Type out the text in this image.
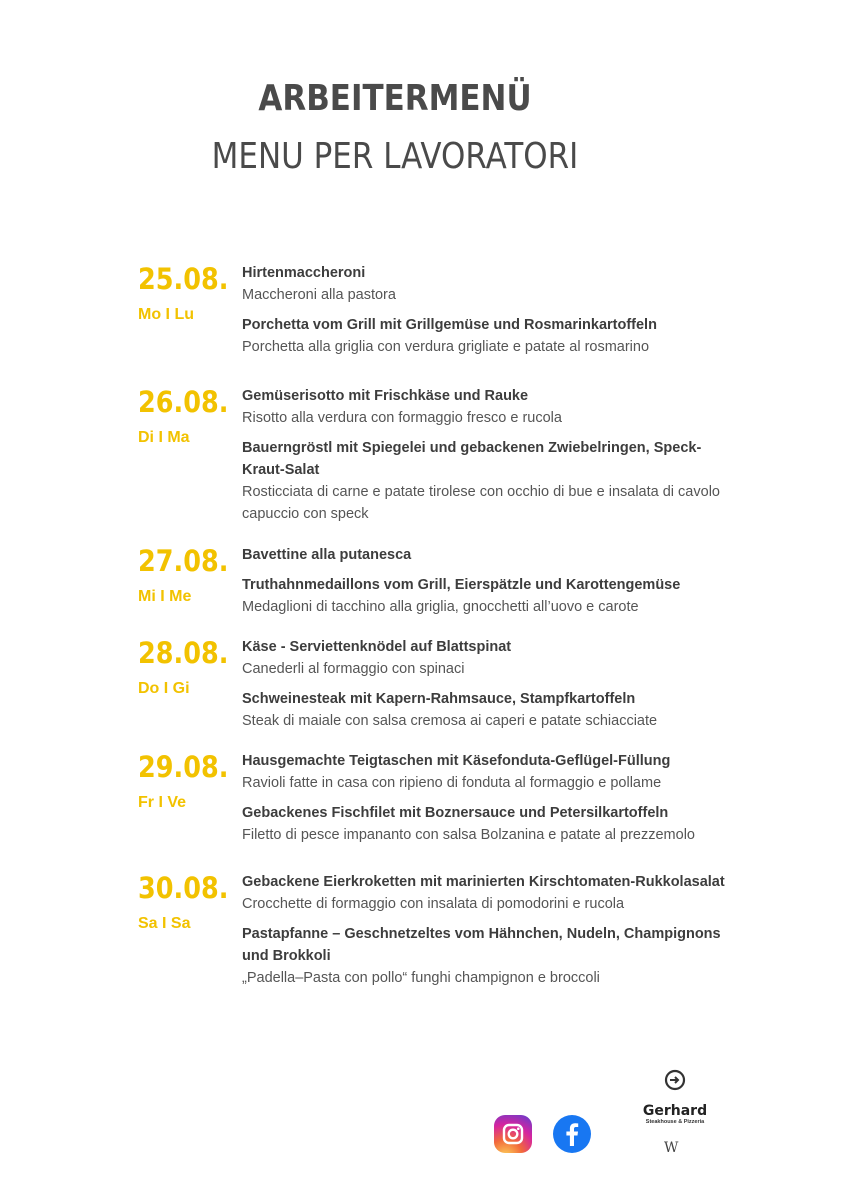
ARBEITERMENÜ
MENU PER LAVORATORI
25.08.
Mo I Lu
Hirtenmaccheroni
Maccheroni alla pastora
Porchetta vom Grill mit Grillgemüse und Rosmarinkartoffeln
Porchetta alla griglia con verdura grigliate e patate al rosmarino
26.08.
Di I Ma
Gemüserisotto mit Frischkäse und Rauke
Risotto alla verdura con formaggio fresco e rucola
Bauerngröstl mit Spiegelei und gebackenen Zwiebelringen, Speck-Kraut-Salat
Rosticciata di carne e patate tirolese con occhio di bue e insalata di cavolo capuccio con speck
27.08.
Mi I Me
Bavettine alla putanesca
Truthahnmedaillons vom Grill, Eierspätzle und Karottengemüse
Medaglioni di tacchino alla griglia, gnocchetti all’uovo e carote
28.08.
Do I Gi
Käse - Serviettenknödel auf Blattspinat
Canederli al formaggio con spinaci
Schweinesteak mit Kapern-Rahmsauce, Stampfkartoffeln
Steak di maiale con salsa cremosa ai caperi e patate schiacciate
29.08.
Fr I Ve
Hausgemachte Teigtaschen mit Käsefonduta-Geflügel-Füllung
Ravioli fatte in casa con ripieno di fonduta al formaggio e pollame
Gebackenes Fischfilet mit Boznersauce und Petersilkartoffeln
Filetto di pesce impananto con salsa Bolzanina e patate al prezzemolo
30.08.
Sa I Sa
Gebackene Eierkroketten mit marinierten Kirschtomaten-Rukkolasalat
Crocchette di formaggio con insalata di pomodorini e rucola
Pastapfanne – Geschnetzeltes vom Hähnchen, Nudeln, Champignons und Brokkoli
„Padella–Pasta con pollo“ funghi champignon e broccoli
Gerhard
Steakhouse & Pizzeria
W
